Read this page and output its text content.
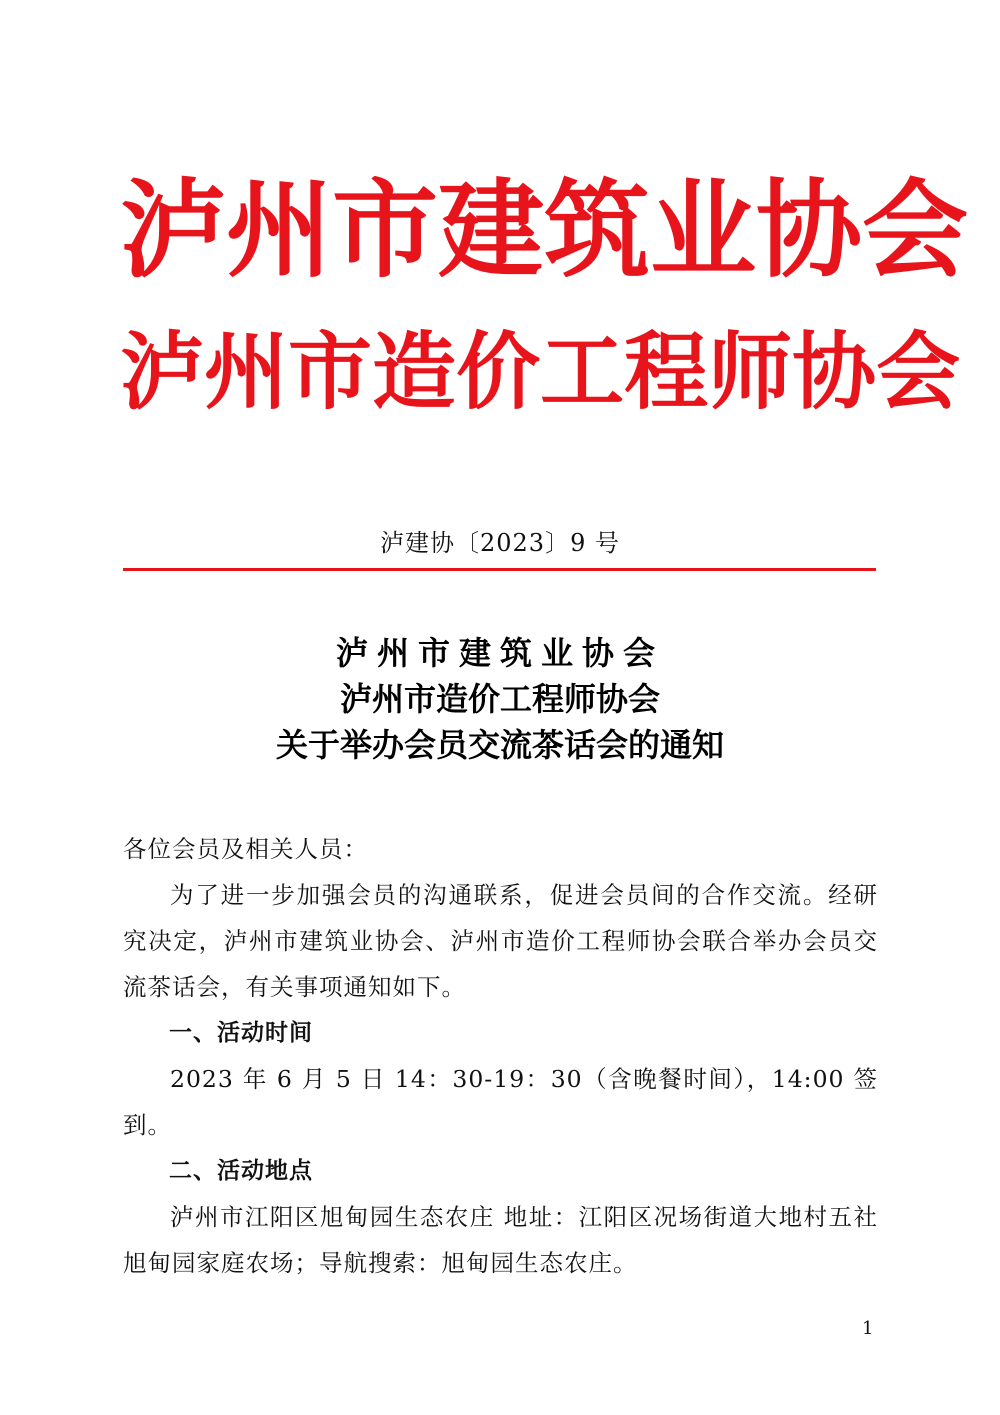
泸 州 市 建 筑 业 协 会
泸 州 市 造 价 工 程 师 协 会
泸建协〔2023〕9 号
泸州市建筑业协会
泸州市造价工程师协会
关于举办会员交流茶话会的通知

各位会员及相关人员：

为了进一步加强会员的沟通联系，促进会员间的合作交流。经研究决定，泸州市建筑业协会、泸州市造价工程师协会联合举办会员交流茶话会，有关事项通知如下。

一、活动时间

2023 年 6 月 5 日 14：30-19：30（含晚餐时间），14:00 签到。

二、活动地点

泸州市江阳区旭甸园生态农庄 地址：江阳区况场街道大地村五社旭甸园家庭农场；导航搜索：旭甸园生态农庄。

1
